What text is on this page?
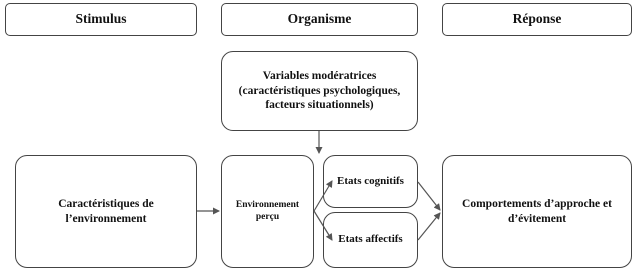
Stimulus	Organisme	Réponse
Variables modératrices
(caractéristiques psychologiques,
facteurs situationnels)
Caractéristiques de
l’environnement
Environnement
perçu
Etats cognitifs
Etats affectifs
Comportements d’approche et
d’évitement
